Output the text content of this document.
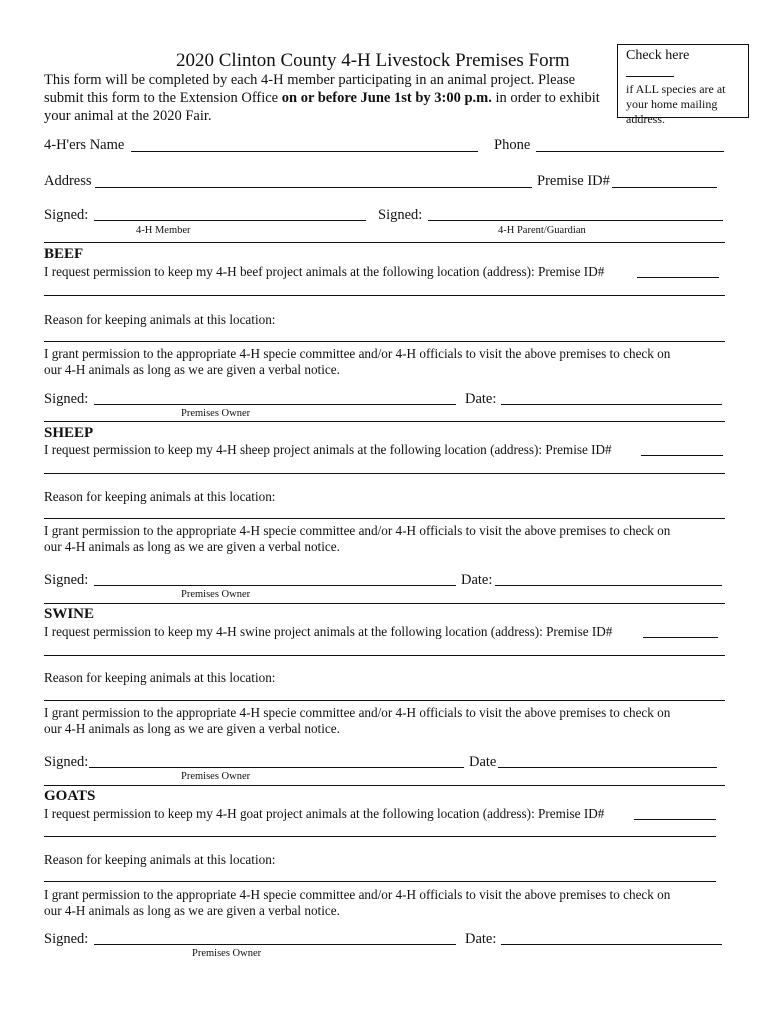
2020 Clinton County 4-H Livestock Premises Form
This form will be completed by each 4-H member participating in an animal project. Please submit this form to the Extension Office on or before June 1st by 3:00 p.m. in order to exhibit your animal at the 2020 Fair.
Check here
if ALL species are at your home mailing address.
4-H'ers Name	Phone
Address	Premise ID#
Signed:	Signed:
4-H Member	4-H Parent/Guardian
BEEF
I request permission to keep my 4-H beef project animals at the following location (address): Premise ID#
Reason for keeping animals at this location:
I grant permission to the appropriate 4-H specie committee and/or 4-H officials to visit the above premises to check on
our 4-H animals as long as we are given a verbal notice.
Signed:	Date:
Premises Owner
SHEEP
I request permission to keep my 4-H sheep project animals at the following location (address): Premise ID#
Reason for keeping animals at this location:
I grant permission to the appropriate 4-H specie committee and/or 4-H officials to visit the above premises to check on
our 4-H animals as long as we are given a verbal notice.
Signed:	Date:
Premises Owner
SWINE
I request permission to keep my 4-H swine project animals at the following location (address): Premise ID#
Reason for keeping animals at this location:
I grant permission to the appropriate 4-H specie committee and/or 4-H officials to visit the above premises to check on
our 4-H animals as long as we are given a verbal notice.
Signed:	Date
Premises Owner
GOATS
I request permission to keep my 4-H goat project animals at the following location (address): Premise ID#
Reason for keeping animals at this location:
I grant permission to the appropriate 4-H specie committee and/or 4-H officials to visit the above premises to check on
our 4-H animals as long as we are given a verbal notice.
Signed:	Date:
Premises Owner
